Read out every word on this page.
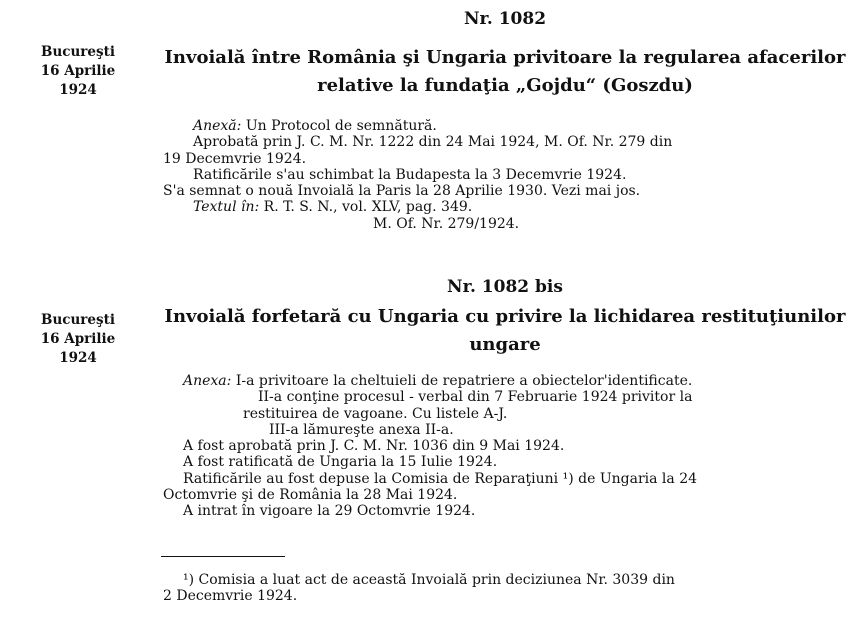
Nr. 1082
Bucureşti
16 Aprilie
1924
Invoială între România şi Ungaria privitoare la regularea afacerilor
relative la fundaţia „Gojdu“ (Goszdu)
Anexă: Un Protocol de semnătură.
Aprobată prin J. C. M. Nr. 1222 din 24 Mai 1924, M. Of. Nr. 279 din
19 Decemvrie 1924.
Ratificările s'au schimbat la Budapesta la 3 Decemvrie 1924.
S'a semnat o nouă Invoială la Paris la 28 Aprilie 1930. Vezi mai jos.
Textul în: R. T. S. N., vol. XLV, pag. 349.
M. Of. Nr. 279/1924.
Nr. 1082 bis
Bucureşti
16 Aprilie
1924
Invoială forfetară cu Ungaria cu privire la lichidarea restituţiunilor
ungare
Anexa: I-a privitoare la cheltuieli de repatriere a obiectelor'identificate.
II-a conţine procesul - verbal din 7 Februarie 1924 privitor la
restituirea de vagoane. Cu listele A-J.
III-a lămureşte anexa II-a.
A fost aprobată prin J. C. M. Nr. 1036 din 9 Mai 1924.
A fost ratificată de Ungaria la 15 Iulie 1924.
Ratificările au fost depuse la Comisia de Reparaţiuni ¹) de Ungaria la 24
Octomvrie şi de România la 28 Mai 1924.
A intrat în vigoare la 29 Octomvrie 1924.
¹) Comisia a luat act de această Invoială prin deciziunea Nr. 3039 din
2 Decemvrie 1924.
